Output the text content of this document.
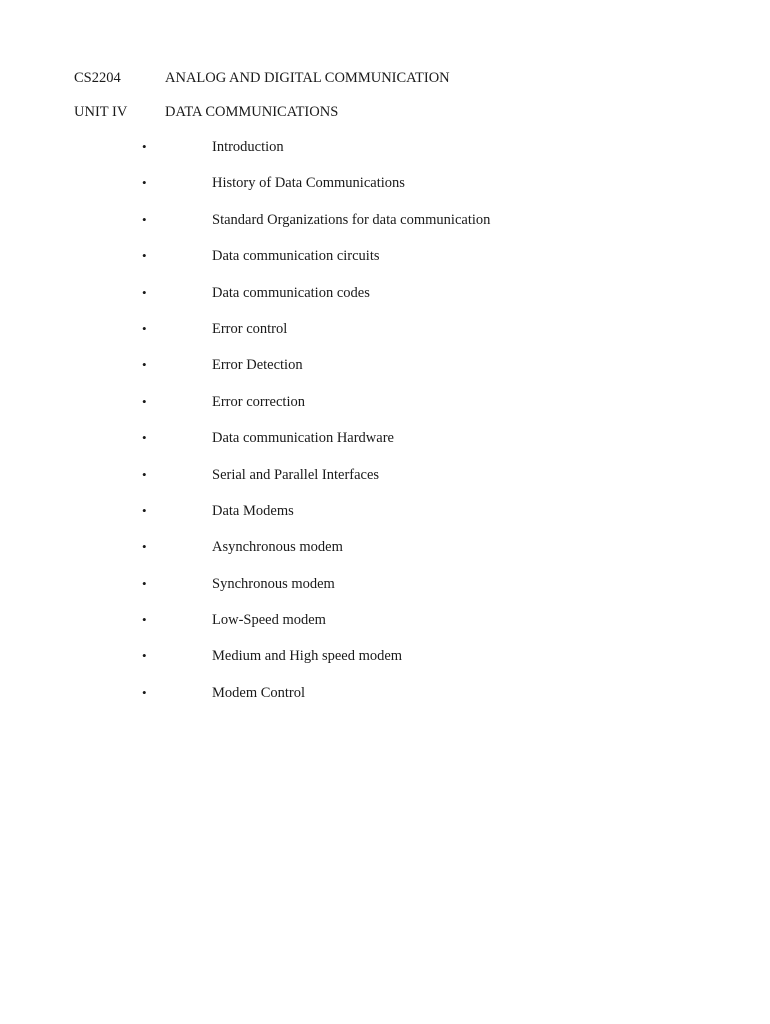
CS2204	ANALOG AND DIGITAL COMMUNICATION
UNIT IV	DATA COMMUNICATIONS
•	Introduction
•	History of Data Communications
•	Standard Organizations for data communication
•	Data communication circuits
•	Data communication codes
•	Error control
•	Error Detection
•	Error correction
•	Data communication Hardware
•	Serial and Parallel Interfaces
•	Data Modems
•	Asynchronous modem
•	Synchronous modem
•	Low-Speed modem
•	Medium and High speed modem
•	Modem Control
